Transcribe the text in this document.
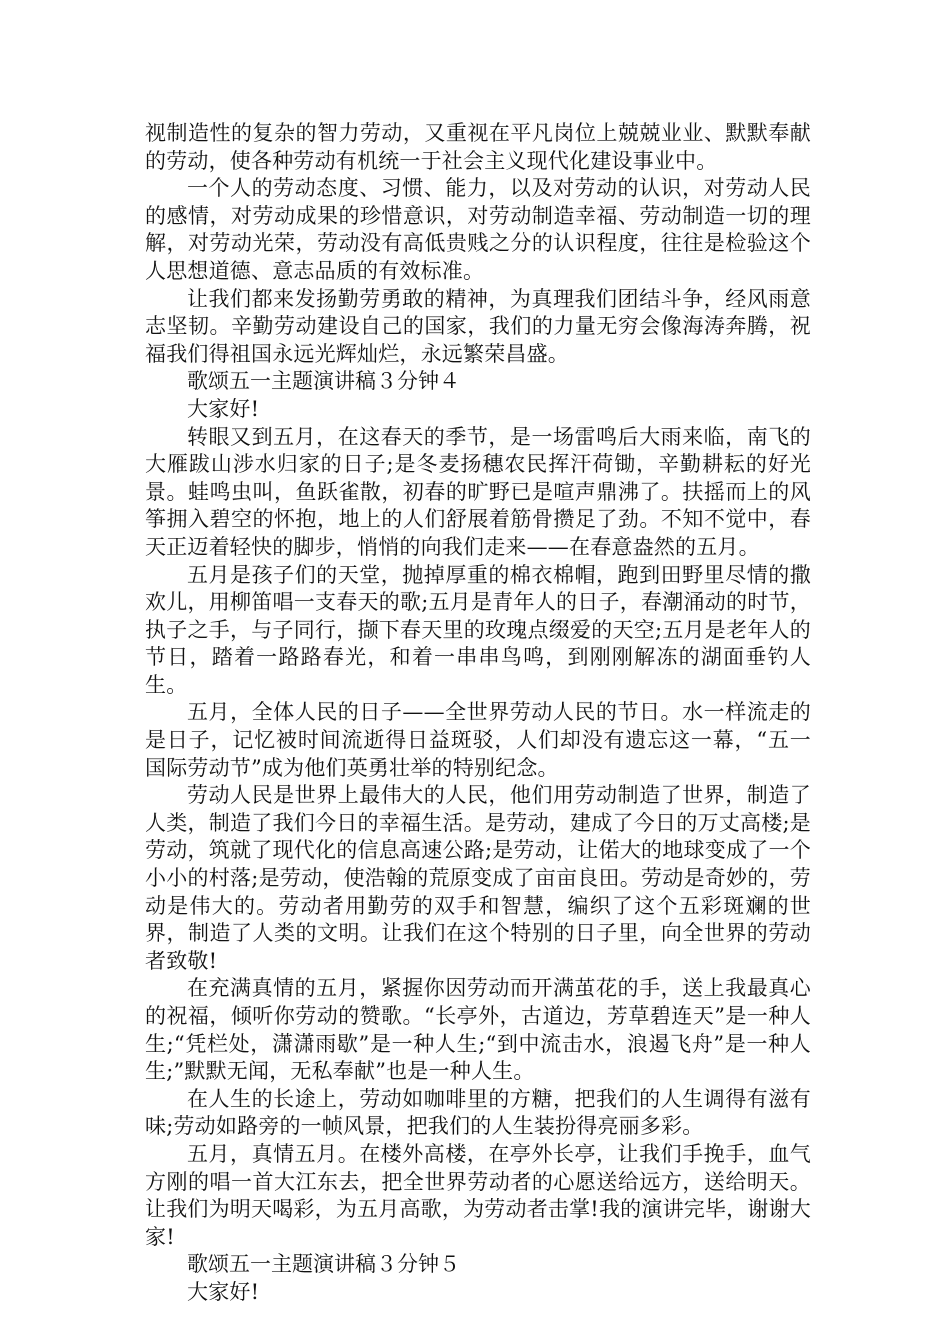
视制造性的复杂的智力劳动，又重视在平凡岗位上兢兢业业、默默奉献的劳动，使各种劳动有机统一于社会主义现代化建设事业中。

一个人的劳动态度、习惯、能力，以及对劳动的认识，对劳动人民的感情，对劳动成果的珍惜意识，对劳动制造幸福、劳动制造一切的理解，对劳动光荣，劳动没有高低贵贱之分的认识程度，往往是检验这个人思想道德、意志品质的有效标准。

让我们都来发扬勤劳勇敢的精神，为真理我们团结斗争，经风雨意志坚韧。辛勤劳动建设自己的国家，我们的力量无穷会像海涛奔腾，祝福我们得祖国永远光辉灿烂，永远繁荣昌盛。

歌颂五一主题演讲稿３分钟４

大家好!

转眼又到五月，在这春天的季节，是一场雷鸣后大雨来临，南飞的大雁跋山涉水归家的日子;是冬麦扬穗农民挥汗荷锄，辛勤耕耘的好光景。蛙鸣虫叫，鱼跃雀散，初春的旷野已是喧声鼎沸了。扶摇而上的风筝拥入碧空的怀抱，地上的人们舒展着筋骨攒足了劲。不知不觉中，春天正迈着轻快的脚步，悄悄的向我们走来——在春意盎然的五月。

五月是孩子们的天堂，抛掉厚重的棉衣棉帽，跑到田野里尽情的撒欢儿，用柳笛唱一支春天的歌;五月是青年人的日子，春潮涌动的时节，执子之手，与子同行，撷下春天里的玫瑰点缀爱的天空;五月是老年人的节日，踏着一路路春光，和着一串串鸟鸣，到刚刚解冻的湖面垂钓人生。

五月，全体人民的日子——全世界劳动人民的节日。水一样流走的是日子，记忆被时间流逝得日益斑驳，人们却没有遗忘这一幕，“五一国际劳动节”成为他们英勇壮举的特别纪念。

劳动人民是世界上最伟大的人民，他们用劳动制造了世界，制造了人类，制造了我们今日的幸福生活。是劳动，建成了今日的万丈高楼;是劳动，筑就了现代化的信息高速公路;是劳动，让偌大的地球变成了一个小小的村落;是劳动，使浩翰的荒原变成了亩亩良田。劳动是奇妙的，劳动是伟大的。劳动者用勤劳的双手和智慧，编织了这个五彩斑斓的世界，制造了人类的文明。让我们在这个特别的日子里，向全世界的劳动者致敬!

在充满真情的五月，紧握你因劳动而开满茧花的手，送上我最真心的祝福，倾听你劳动的赞歌。“长亭外，古道边，芳草碧连天”是一种人生;“凭栏处，潇潇雨歇”是一种人生;“到中流击水，浪遏飞舟”是一种人生;”默默无闻，无私奉献”也是一种人生。

在人生的长途上，劳动如咖啡里的方糖，把我们的人生调得有滋有味;劳动如路旁的一帧风景，把我们的人生装扮得亮丽多彩。

五月，真情五月。在楼外高楼，在亭外长亭，让我们手挽手，血气方刚的唱一首大江东去，把全世界劳动者的心愿送给远方，送给明天。让我们为明天喝彩，为五月高歌，为劳动者击掌!我的演讲完毕，谢谢大家!

歌颂五一主题演讲稿３分钟５

大家好!
